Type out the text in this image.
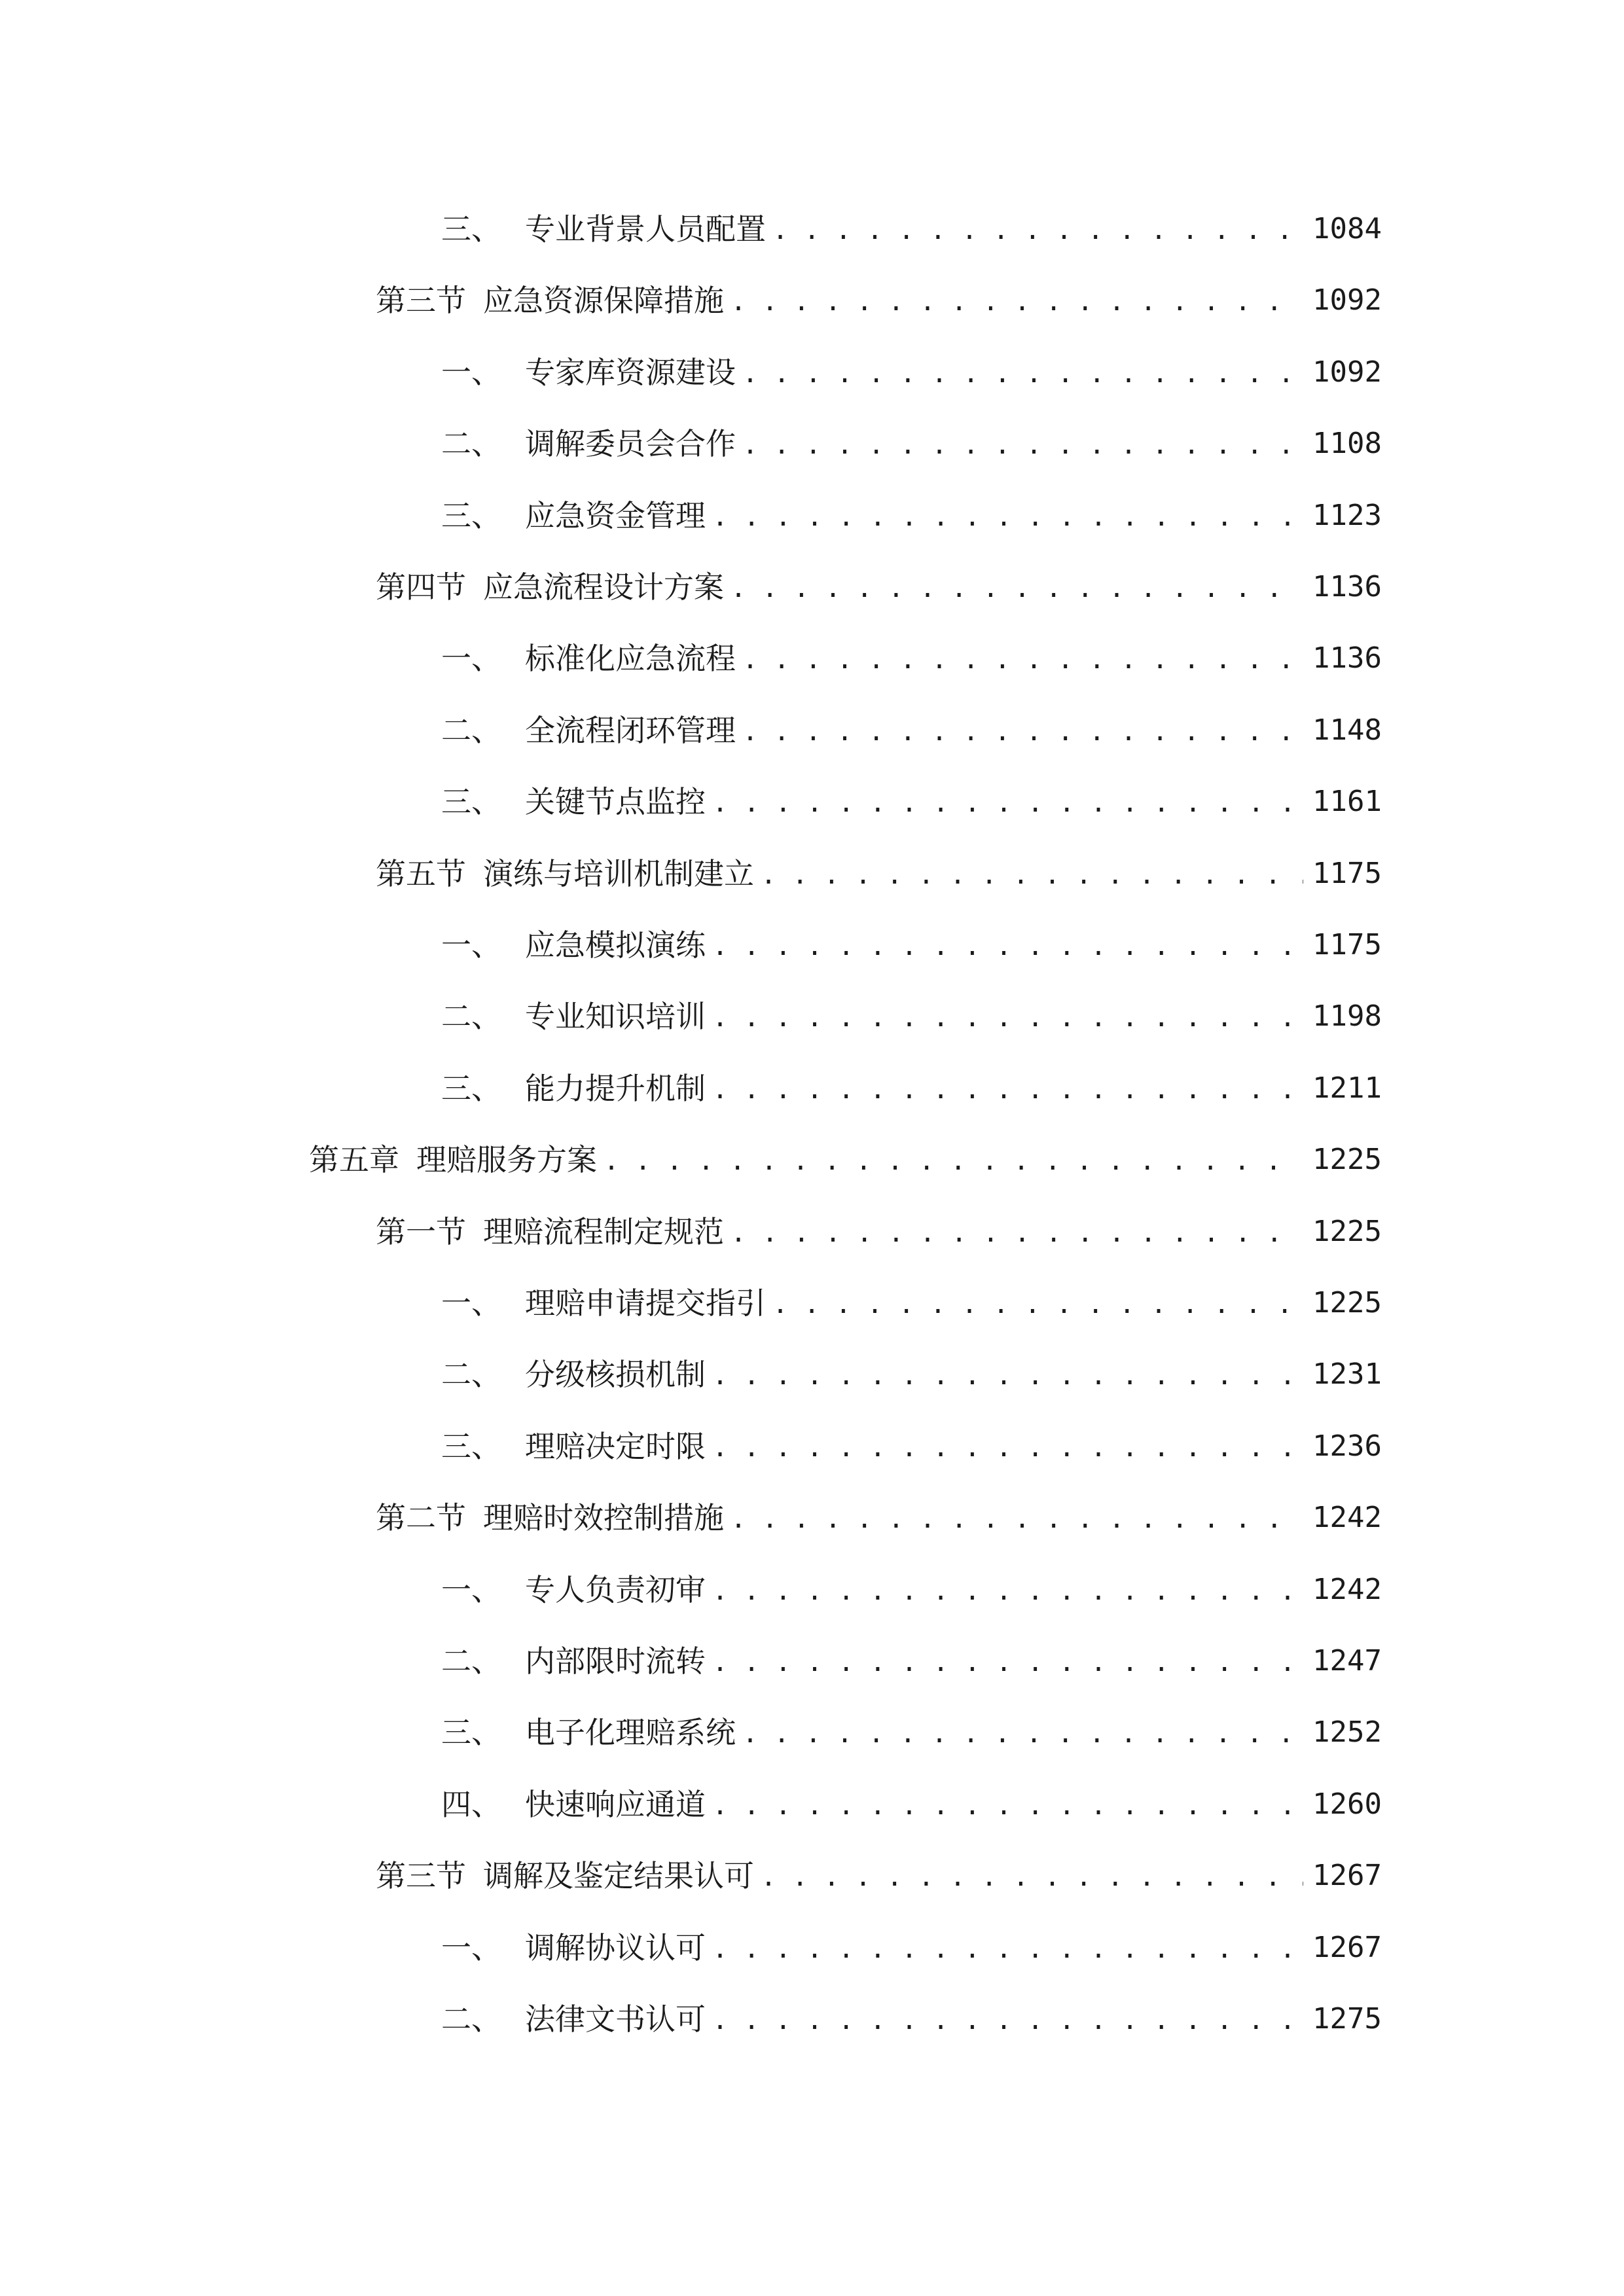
三、 专业背景人员配置 . . .	1084
第三节 应急资源保障措施 . . .	1092
一、 专家库资源建设 . . .	1092
二、 调解委员会合作 . . .	1108
三、 应急资金管理 . . .	1123
第四节 应急流程设计方案 . . .	1136
一、 标准化应急流程 . . .	1136
二、 全流程闭环管理 . . .	1148
三、 关键节点监控 . . .	1161
第五节 演练与培训机制建立 . . .	1175
一、 应急模拟演练 . . .	1175
二、 专业知识培训 . . .	1198
三、 能力提升机制 . . .	1211
第五章 理赔服务方案 . . .	1225
第一节 理赔流程制定规范 . . .	1225
一、 理赔申请提交指引 . . .	1225
二、 分级核损机制 . . .	1231
三、 理赔决定时限 . . .	1236
第二节 理赔时效控制措施 . . .	1242
一、 专人负责初审 . . .	1242
二、 内部限时流转 . . .	1247
三、 电子化理赔系统 . . .	1252
四、 快速响应通道 . . .	1260
第三节 调解及鉴定结果认可 . . .	1267
一、 调解协议认可 . . .	1267
二、 法律文书认可 . . .	1275
